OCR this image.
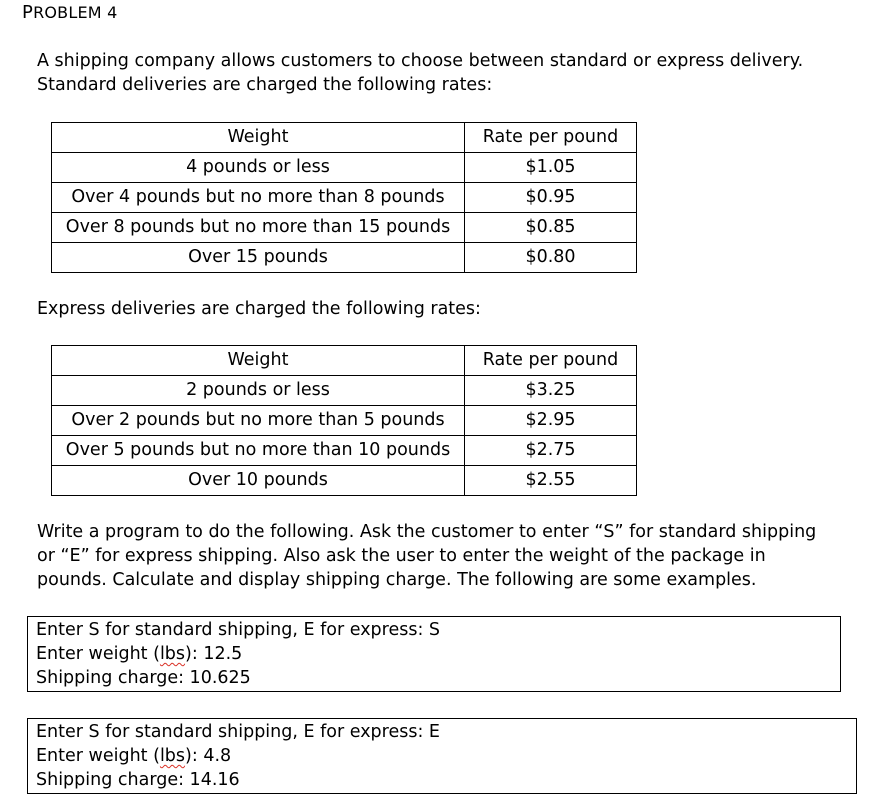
PROBLEM 4
A shipping company allows customers to choose between standard or express delivery.
Standard deliveries are charged the following rates:
Weight	Rate per pound
4 pounds or less	$1.05
Over 4 pounds but no more than 8 pounds	$0.95
Over 8 pounds but no more than 15 pounds	$0.85
Over 15 pounds	$0.80
Express deliveries are charged the following rates:
Weight	Rate per pound
2 pounds or less	$3.25
Over 2 pounds but no more than 5 pounds	$2.95
Over 5 pounds but no more than 10 pounds	$2.75
Over 10 pounds	$2.55
Write a program to do the following. Ask the customer to enter “S” for standard shipping
or “E” for express shipping. Also ask the user to enter the weight of the package in
pounds. Calculate and display shipping charge. The following are some examples.
Enter S for standard shipping, E for express: S
Enter weight (lbs): 12.5
Shipping charge: 10.625
Enter S for standard shipping, E for express: E
Enter weight (lbs): 4.8
Shipping charge: 14.16
